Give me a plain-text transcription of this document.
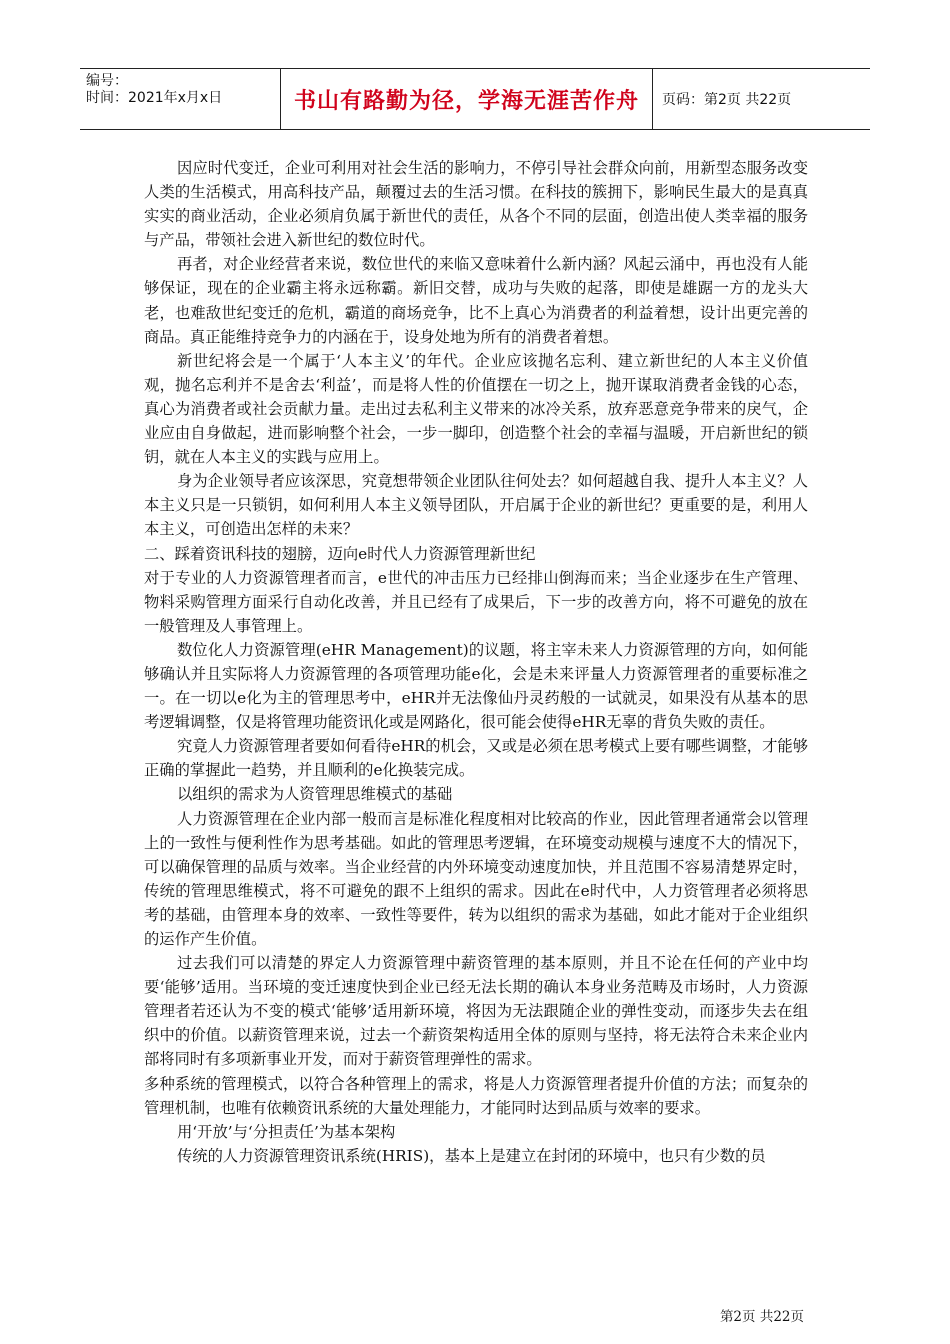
编号：
时间：2021年x月x日	书山有路勤为径，学海无涯苦作舟	页码：第2页 共22页

因应时代变迁，企业可利用对社会生活的影响力，不停引导社会群众向前，用新型态服务改变人类的生活模式，用高科技产品，颠覆过去的生活习惯。在科技的簇拥下，影响民生最大的是真真实实的商业活动，企业必须肩负属于新世代的责任，从各个不同的层面，创造出使人类幸福的服务与产品，带领社会进入新世纪的数位时代。

再者，对企业经营者来说，数位世代的来临又意味着什么新内涵？风起云涌中，再也没有人能够保证，现在的企业霸主将永远称霸。新旧交替，成功与失败的起落，即使是雄踞一方的龙头大老，也难敌世纪变迁的危机，霸道的商场竞争，比不上真心为消费者的利益着想，设计出更完善的商品。真正能维持竞争力的内涵在于，设身处地为所有的消费者着想。

新世纪将会是一个属于‘人本主义’的年代。企业应该抛名忘利、建立新世纪的人本主义价值观，抛名忘利并不是舍去‘利益’，而是将人性的价值摆在一切之上，抛开谋取消费者金钱的心态，真心为消费者或社会贡献力量。走出过去私利主义带来的冰冷关系，放弃恶意竞争带来的戾气，企业应由自身做起，进而影响整个社会，一步一脚印，创造整个社会的幸福与温暖，开启新世纪的锁钥，就在人本主义的实践与应用上。

身为企业领导者应该深思，究竟想带领企业团队往何处去？如何超越自我、提升人本主义？人本主义只是一只锁钥，如何利用人本主义领导团队，开启属于企业的新世纪？更重要的是，利用人本主义，可创造出怎样的未来？

二、踩着资讯科技的翅膀，迈向e时代人力资源管理新世纪

对于专业的人力资源管理者而言，e世代的冲击压力已经排山倒海而来；当企业逐步在生产管理、物料采购管理方面采行自动化改善，并且已经有了成果后，下一步的改善方向，将不可避免的放在一般管理及人事管理上。

数位化人力资源管理(eHR Management)的议题，将主宰未来人力资源管理的方向，如何能够确认并且实际将人力资源管理的各项管理功能e化，会是未来评量人力资源管理者的重要标准之一。在一切以e化为主的管理思考中，eHR并无法像仙丹灵药般的一试就灵，如果没有从基本的思考逻辑调整，仅是将管理功能资讯化或是网路化，很可能会使得eHR无辜的背负失败的责任。

究竟人力资源管理者要如何看待eHR的机会，又或是必须在思考模式上要有哪些调整，才能够正确的掌握此一趋势，并且顺利的e化换装完成。

以组织的需求为人资管理思维模式的基础

人力资源管理在企业内部一般而言是标准化程度相对比较高的作业，因此管理者通常会以管理上的一致性与便利性作为思考基础。如此的管理思考逻辑，在环境变动规模与速度不大的情况下，可以确保管理的品质与效率。当企业经营的内外环境变动速度加快，并且范围不容易清楚界定时，传统的管理思维模式，将不可避免的跟不上组织的需求。因此在e时代中，人力资管理者必须将思考的基础，由管理本身的效率、一致性等要件，转为以组织的需求为基础，如此才能对于企业组织的运作产生价值。

过去我们可以清楚的界定人力资源管理中薪资管理的基本原则，并且不论在任何的产业中均要‘能够’适用。当环境的变迁速度快到企业已经无法长期的确认本身业务范畴及市场时，人力资源管理者若还认为不变的模式‘能够’适用新环境，将因为无法跟随企业的弹性变动，而逐步失去在组织中的价值。以薪资管理来说，过去一个薪资架构适用全体的原则与坚持，将无法符合未来企业内部将同时有多项新事业开发，而对于薪资管理弹性的需求。

多种系统的管理模式，以符合各种管理上的需求，将是人力资源管理者提升价值的方法；而复杂的管理机制，也唯有依赖资讯系统的大量处理能力，才能同时达到品质与效率的要求。

用‘开放’与‘分担责任’为基本架构

传统的人力资源管理资讯系统(HRIS)，基本上是建立在封闭的环境中，也只有少数的员

第2页 共22页
